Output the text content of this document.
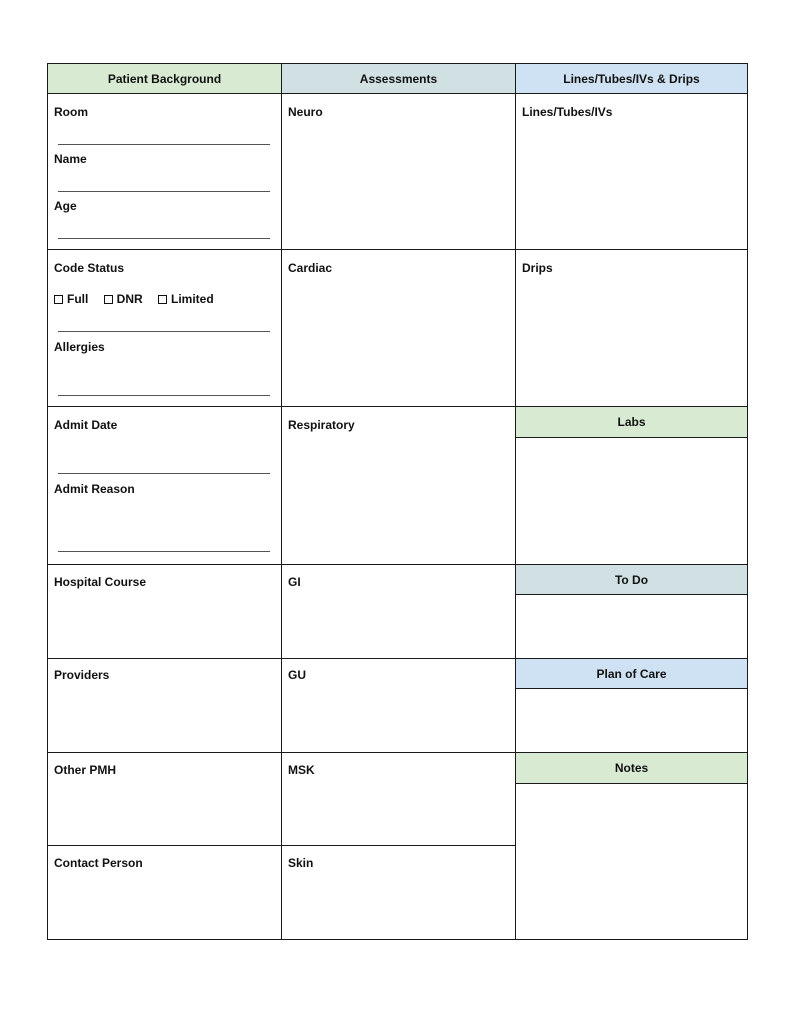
Patient Background	Assessments	Lines/Tubes/IVs & Drips
Room
Name
Age
Code Status
Full
DNR
Limited
Allergies
Admit Date
Admit Reason
Hospital Course
Providers
Other PMH
Contact Person
Neuro
Cardiac
Respiratory
GI
GU
MSK
Skin
Lines/Tubes/IVs
Drips
Labs
To Do
Plan of Care
Notes
